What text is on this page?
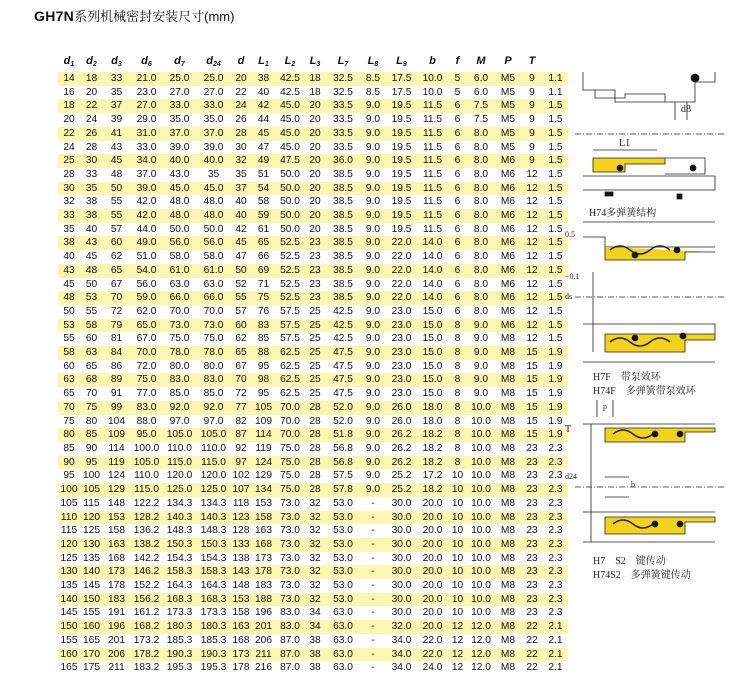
GH7N系列机械密封安装尺寸(mm)
$d_1$	$d_2$	$d_3$	$d_6$	$d_7$	$d_{24}$	d	$L_1$	$L_2$	$L_3$	$L_7$	$L_8$	$L_9$	b	f	M	P	T	
14	18	33	21.0	25.0	25.0	20	38	42.5	18	32.5	8.5	17.5	10.0	5	6.0	M5	9	1.1
16	20	35	23.0	27.0	27.0	22	40	42.5	18	32.5	8.5	17.5	10.0	5	6.0	M5	9	1.1
18	22	37	27.0	33.0	33.0	24	42	45.0	20	33.5	9.0	19.5	11.5	6	7.5	M5	9	1.5
20	24	39	29.0	35.0	35.0	26	44	45.0	20	33.5	9.0	19.5	11.5	6	7.5	M5	9	1.5
22	26	41	31.0	37.0	37.0	28	45	45.0	20	33.5	9.0	19.5	11.5	6	8.0	M5	9	1.5
24	28	43	33.0	39.0	39.0	30	47	45.0	20	33.5	9.0	19.5	11.5	6	8.0	M5	9	1.5
25	30	45	34.0	40.0	40.0	32	49	47.5	20	36.0	9.0	19.5	11.5	6	8.0	M6	9	1.5
28	33	48	37.0	43.0	35	35	51	50.0	20	38.5	9.0	19.5	11.5	6	8.0	M6	12	1.5
30	35	50	39.0	45.0	45.0	37	54	50.0	20	38.5	9.0	19.5	11.5	6	8.0	M6	12	1.5
32	38	55	42.0	48.0	48.0	40	58	50.0	20	38.5	9.0	19.5	11.5	6	8.0	M6	12	1.5
33	38	55	42.0	48.0	48.0	40	59	50.0	20	38.5	9.0	19.5	11.5	6	8.0	M6	12	1.5
35	40	57	44.0	50.0	50.0	42	61	50.0	20	38.5	9.0	19.5	11.5	6	8.0	M6	12	1.5
38	43	60	49.0	56.0	56.0	45	65	52.5	23	38.5	9.0	22.0	14.0	6	8.0	M6	12	1.5
40	45	62	51.0	58.0	58.0	47	66	52.5	23	38.5	9.0	22.0	14.0	6	8.0	M6	12	1.5
43	48	65	54.0	61.0	61.0	50	69	52.5	23	38.5	9.0	22.0	14.0	6	8.0	M6	12	1.5
45	50	67	56.0	63.0	63.0	52	71	52.5	23	38.5	9.0	22.0	14.0	6	8.0	M6	12	1.5
48	53	70	59.0	66.0	66.0	55	75	52.5	23	38.5	9.0	22.0	14.0	6	8.0	M6	12	1.5
50	55	72	62.0	70.0	70.0	57	76	57.5	25	42.5	9.0	23.0	15.0	6	8.0	M6	12	1.5
53	58	79	65.0	73.0	73.0	60	83	57.5	25	42.5	9.0	23.0	15.0	8	9.0	M6	12	1.5
55	60	81	67.0	75.0	75.0	62	85	57.5	25	42.5	9.0	23.0	15.0	8	9.0	M8	12	1.5
58	63	84	70.0	78.0	78.0	65	88	62.5	25	47.5	9.0	23.0	15.0	8	9.0	M8	15	1.9
60	65	86	72.0	80.0	80.0	67	95	62.5	25	47.5	9.0	23.0	15.0	8	9.0	M8	15	1.9
63	68	89	75.0	83.0	83.0	70	98	62.5	25	47.5	9.0	23.0	15.0	8	9.0	M8	15	1.9
65	70	91	77.0	85.0	85.0	72	95	62.5	25	47.5	9.0	23.0	15.0	8	9.0	M8	15	1.9
70	75	99	83.0	92.0	92.0	77	105	70.0	28	52.0	9.0	26.0	18.0	8	10.0	M8	15	1.9
75	80	104	88.0	97.0	97.0	82	109	70.0	28	52.0	9.0	26.0	18.0	8	10.0	M8	15	1.9
80	85	109	95.0	105.0	105.0	87	114	70.0	28	51.8	9.0	26.2	18.2	8	10.0	M8	15	1.9
85	90	114	100.0	110.0	110.0	92	119	75.0	28	56.8	9.0	26.2	18.2	8	10.0	M8	23	2.3
90	95	119	105.0	115.0	115.0	97	124	75.0	28	56.8	9.0	26.2	18.2	8	10.0	M8	23	2.3
95	100	124	110.0	120.0	120.0	102	129	75.0	28	57.5	9.0	25.2	17.2	10	10.0	M8	23	2.3
100	105	129	115.0	125.0	125.0	107	134	75.0	28	57.8	9.0	25.2	18.2	10	10.0	M8	23	2.3
105	115	148	122.2	134.3	134.3	118	153	73.0	32	53.0	-	30.0	20.0	10	10.0	M8	23	2.3
110	120	153	128.2	140.3	140.3	123	158	73.0	32	53.0	-	30.0	20.0	10	10.0	M8	23	2.3
115	125	158	136.2	148.3	148.3	128	163	73.0	32	53.0	-	30.0	20.0	10	10.0	M8	23	2.3
120	130	163	138.2	150.3	150.3	133	168	73.0	32	53.0	-	30.0	20.0	10	10.0	M8	23	2.3
125	135	168	142.2	154.3	154.3	138	173	73.0	32	53.0	-	30.0	20.0	10	10.0	M8	23	2.3
130	140	173	146.2	158.3	158.3	143	178	73.0	32	53.0	-	30.0	20.0	10	10.0	M8	23	2.3
135	145	178	152.2	164.3	164.3	148	183	73.0	32	53.0	-	30.0	20.0	10	10.0	M8	23	2.3
140	150	183	156.2	168.3	168.3	153	188	73.0	32	53.0	-	30.0	20.0	10	10.0	M8	23	2.3
145	155	191	161.2	173.3	173.3	158	196	83.0	34	63.0	-	30.0	20.0	10	10.0	M8	23	2.3
150	160	196	168.2	180.3	180.3	163	201	83.0	34	63.0	-	32.0	20.0	12	12.0	M8	22	2.1
155	165	201	173.2	185.3	185.3	168	206	87.0	38	63.0	-	34.0	22.0	12	12.0	M8	22	2.1
160	170	206	178.2	190.3	190.3	173	211	87.0	38	63.0	-	34.0	22.0	12	12.0	M8	22	2.1
165	175	211	183.2	195.3	195.3	178	216	87.0	38	63.0	-	34.0	24.0	12	12.0	M8	22	2.1
d8
L1
H74多弹簧结构
0.5
ds
−0.1
H7F　带泵效环
H74F　多弹簧带泵效环
p
T
d24
b
H7　S2　键传动
H74S2　多弹簧键传动
